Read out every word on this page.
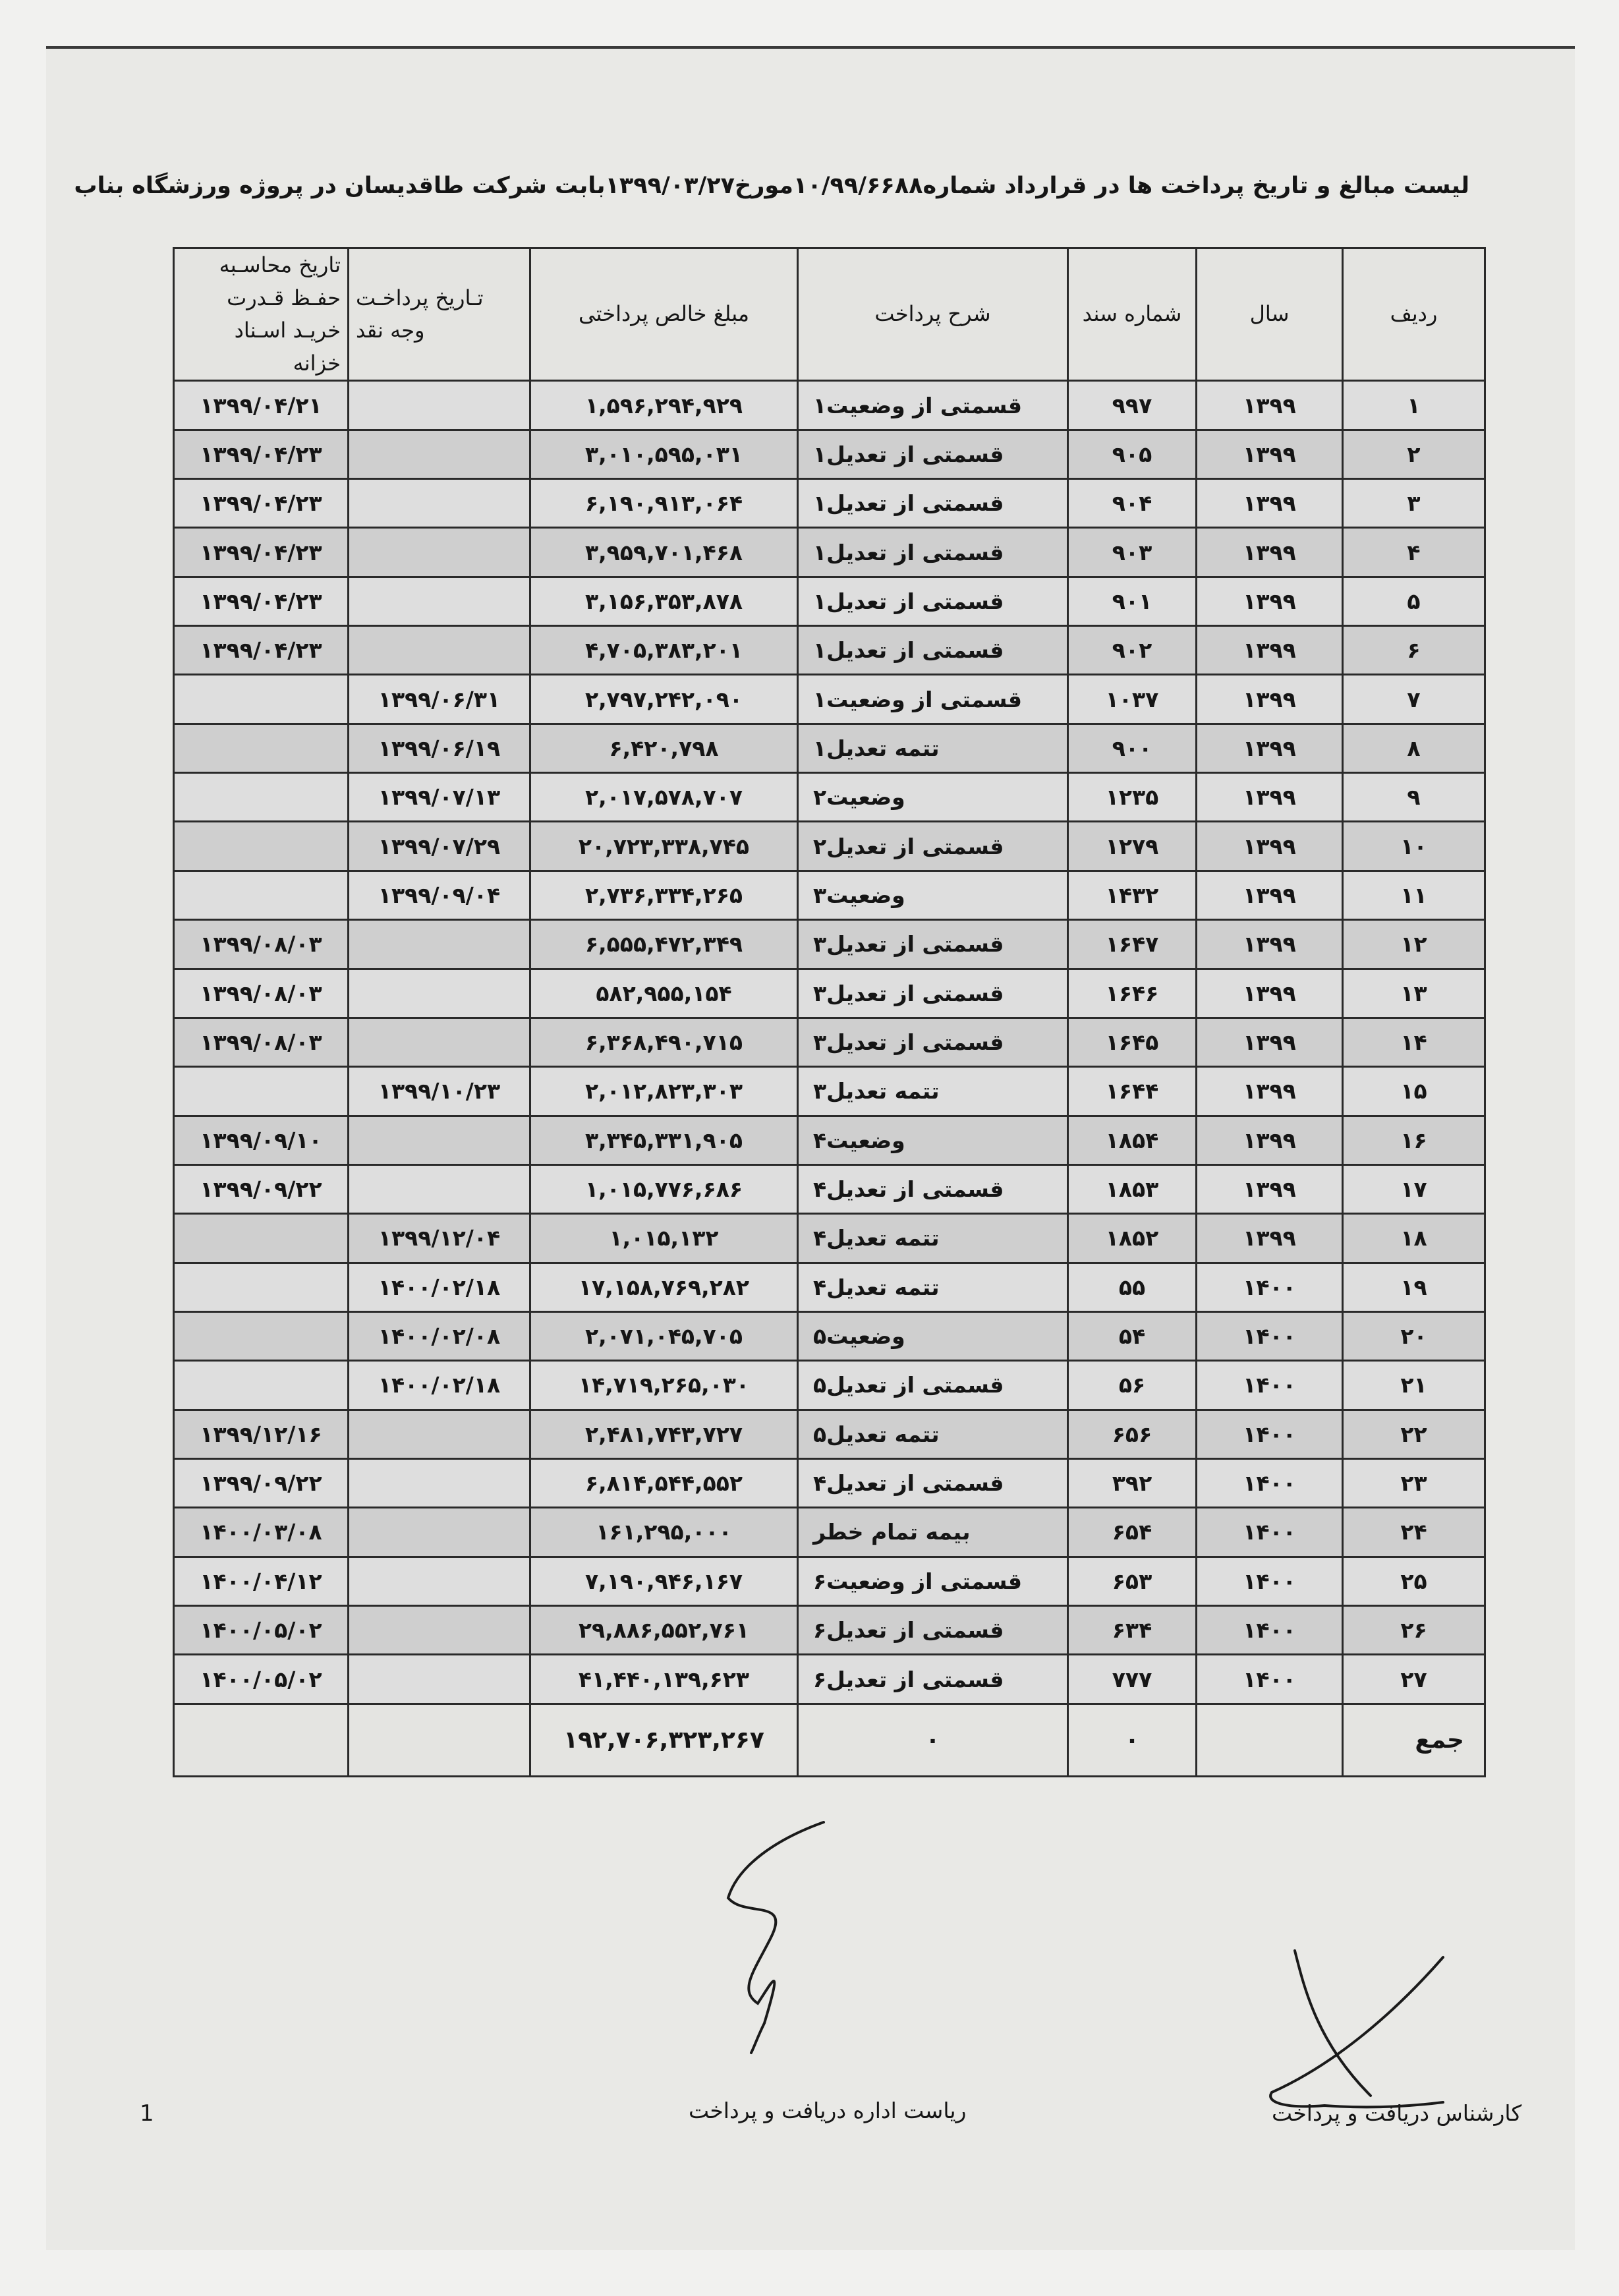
لیست مبالغ و تاریخ پرداخت ها در قرارداد شماره۱۰/۹۹/۶۶۸۸مورخ۱۳۹۹/۰۳/۲۷بابت شرکت طاقدیسان در پروژه ورزشگاه بناب
ردیف	سال	شماره سند	شرح پرداخت	مبلغ خالص پرداختی	تـاریخ پرداخـت وجه نقد	تاریخ محاسـبه حفـظ قـدرت خریـد اسـناد خزانه
۱	۱۳۹۹	۹۹۷	قسمتی از وضعیت۱	۱,۵۹۶,۲۹۴,۹۲۹		۱۳۹۹/۰۴/۲۱
۲	۱۳۹۹	۹۰۵	قسمتی از تعدیل۱	۳,۰۱۰,۵۹۵,۰۳۱		۱۳۹۹/۰۴/۲۳
۳	۱۳۹۹	۹۰۴	قسمتی از تعدیل۱	۶,۱۹۰,۹۱۳,۰۶۴		۱۳۹۹/۰۴/۲۳
۴	۱۳۹۹	۹۰۳	قسمتی از تعدیل۱	۳,۹۵۹,۷۰۱,۴۶۸		۱۳۹۹/۰۴/۲۳
۵	۱۳۹۹	۹۰۱	قسمتی از تعدیل۱	۳,۱۵۶,۳۵۳,۸۷۸		۱۳۹۹/۰۴/۲۳
۶	۱۳۹۹	۹۰۲	قسمتی از تعدیل۱	۴,۷۰۵,۳۸۳,۲۰۱		۱۳۹۹/۰۴/۲۳
۷	۱۳۹۹	۱۰۳۷	قسمتی از وضعیت۱	۲,۷۹۷,۲۴۲,۰۹۰	۱۳۹۹/۰۶/۳۱	
۸	۱۳۹۹	۹۰۰	تتمه تعدیل۱	۶,۴۲۰,۷۹۸	۱۳۹۹/۰۶/۱۹	
۹	۱۳۹۹	۱۲۳۵	وضعیت۲	۲,۰۱۷,۵۷۸,۷۰۷	۱۳۹۹/۰۷/۱۳	
۱۰	۱۳۹۹	۱۲۷۹	قسمتی از تعدیل۲	۲۰,۷۲۳,۳۳۸,۷۴۵	۱۳۹۹/۰۷/۲۹	
۱۱	۱۳۹۹	۱۴۳۲	وضعیت۳	۲,۷۳۶,۳۳۴,۲۶۵	۱۳۹۹/۰۹/۰۴	
۱۲	۱۳۹۹	۱۶۴۷	قسمتی از تعدیل۳	۶,۵۵۵,۴۷۲,۳۴۹		۱۳۹۹/۰۸/۰۳
۱۳	۱۳۹۹	۱۶۴۶	قسمتی از تعدیل۳	۵۸۲,۹۵۵,۱۵۴		۱۳۹۹/۰۸/۰۳
۱۴	۱۳۹۹	۱۶۴۵	قسمتی از تعدیل۳	۶,۳۶۸,۴۹۰,۷۱۵		۱۳۹۹/۰۸/۰۳
۱۵	۱۳۹۹	۱۶۴۴	تتمه تعدیل۳	۲,۰۱۲,۸۲۳,۳۰۳	۱۳۹۹/۱۰/۲۳	
۱۶	۱۳۹۹	۱۸۵۴	وضعیت۴	۳,۳۴۵,۳۳۱,۹۰۵		۱۳۹۹/۰۹/۱۰
۱۷	۱۳۹۹	۱۸۵۳	قسمتی از تعدیل۴	۱,۰۱۵,۷۷۶,۶۸۶		۱۳۹۹/۰۹/۲۲
۱۸	۱۳۹۹	۱۸۵۲	تتمه تعدیل۴	۱,۰۱۵,۱۳۲	۱۳۹۹/۱۲/۰۴	
۱۹	۱۴۰۰	۵۵	تتمه تعدیل۴	۱۷,۱۵۸,۷۶۹,۲۸۲	۱۴۰۰/۰۲/۱۸	
۲۰	۱۴۰۰	۵۴	وضعیت۵	۲,۰۷۱,۰۴۵,۷۰۵	۱۴۰۰/۰۲/۰۸	
۲۱	۱۴۰۰	۵۶	قسمتی از تعدیل۵	۱۴,۷۱۹,۲۶۵,۰۳۰	۱۴۰۰/۰۲/۱۸	
۲۲	۱۴۰۰	۶۵۶	تتمه تعدیل۵	۲,۴۸۱,۷۴۳,۷۲۷		۱۳۹۹/۱۲/۱۶
۲۳	۱۴۰۰	۳۹۲	قسمتی از تعدیل۴	۶,۸۱۴,۵۴۴,۵۵۲		۱۳۹۹/۰۹/۲۲
۲۴	۱۴۰۰	۶۵۴	بیمه تمام خطر	۱۶۱,۲۹۵,۰۰۰		۱۴۰۰/۰۳/۰۸
۲۵	۱۴۰۰	۶۵۳	قسمتی از وضعیت۶	۷,۱۹۰,۹۴۶,۱۶۷		۱۴۰۰/۰۴/۱۲
۲۶	۱۴۰۰	۶۳۴	قسمتی از تعدیل۶	۲۹,۸۸۶,۵۵۲,۷۶۱		۱۴۰۰/۰۵/۰۲
۲۷	۱۴۰۰	۷۷۷	قسمتی از تعدیل۶	۴۱,۴۴۰,۱۳۹,۶۲۳		۱۴۰۰/۰۵/۰۲
جمع		۰	۰	۱۹۲,۷۰۶,۳۲۳,۲۶۷		
1	ریاست اداره دریافت و پرداخت	کارشناس دریافت و پرداخت
